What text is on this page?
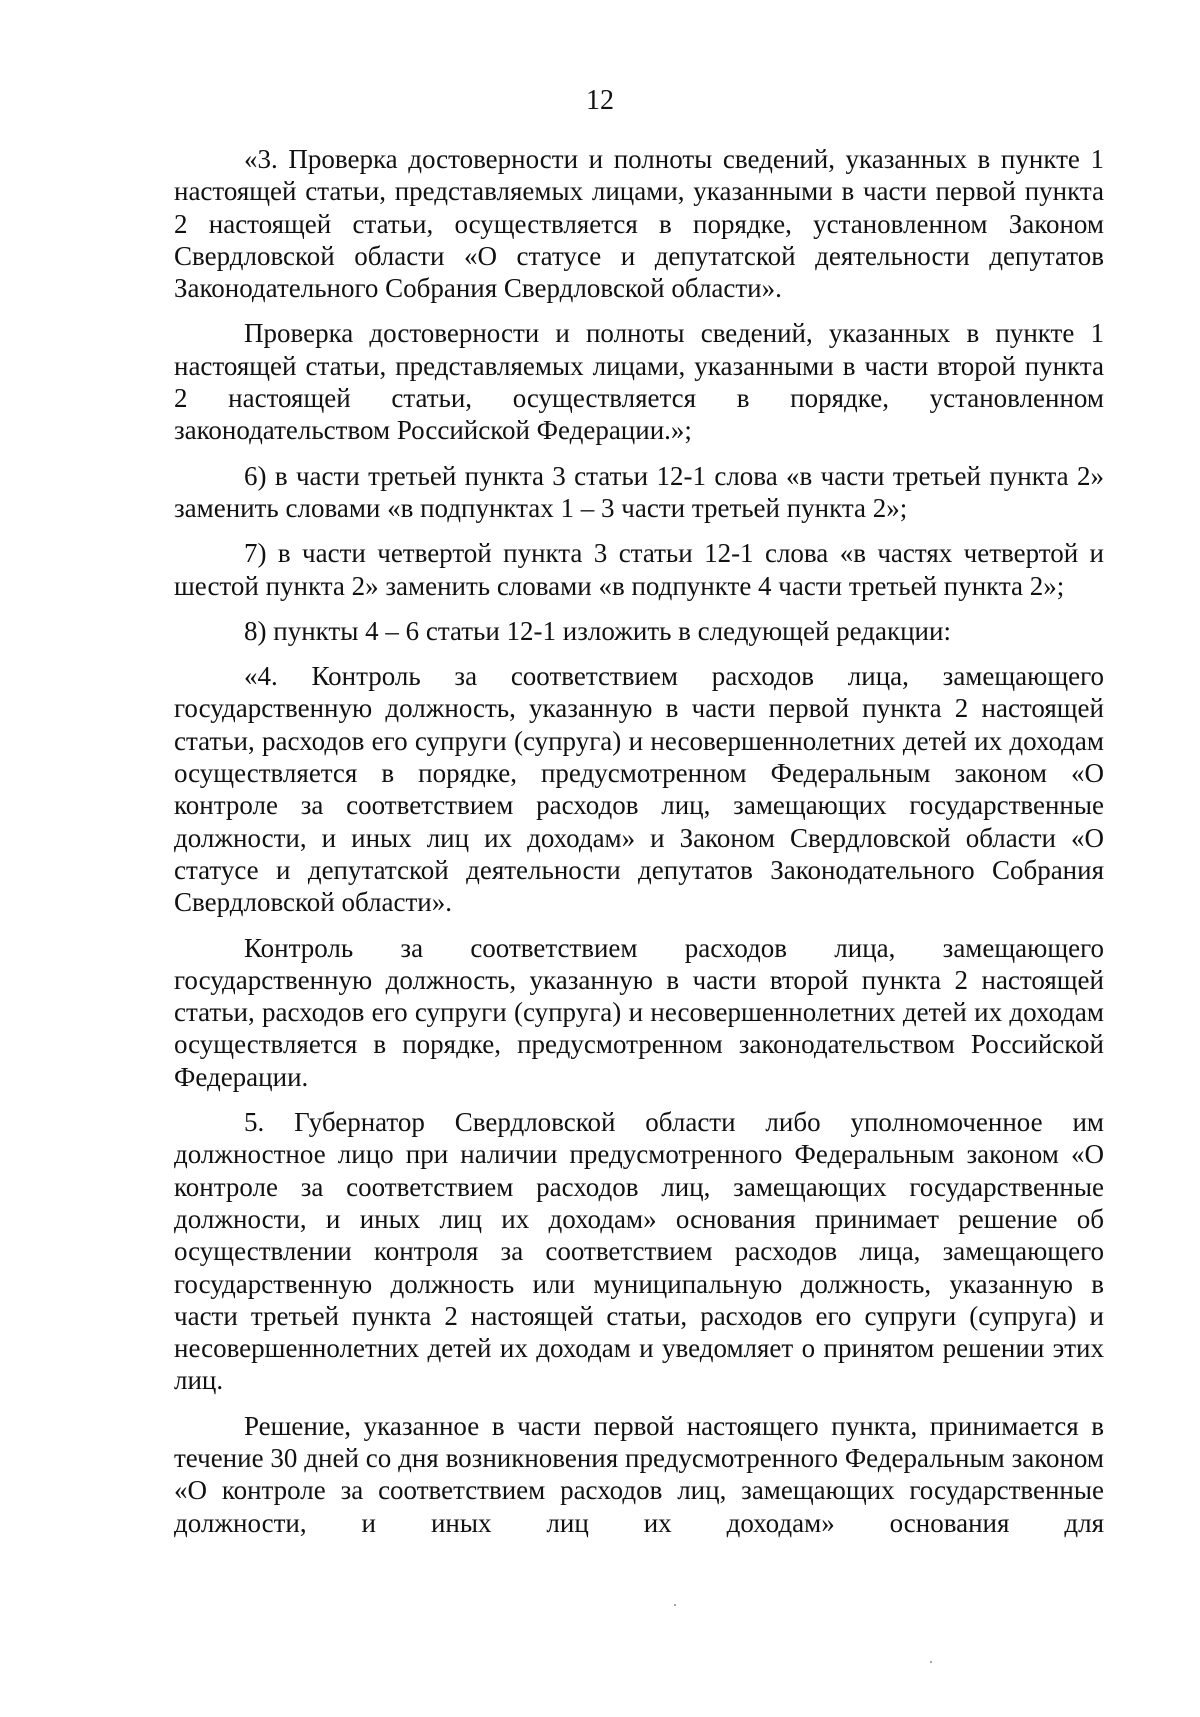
12

«3. Проверка достоверности и полноты сведений, указанных в пункте 1 настоящей статьи, представляемых лицами, указанными в части первой пункта 2 настоящей статьи, осуществляется в порядке, установленном Законом Свердловской области «О статусе и депутатской деятельности депутатов Законодательного Собрания Свердловской области».

Проверка достоверности и полноты сведений, указанных в пункте 1 настоящей статьи, представляемых лицами, указанными в части второй пункта 2 настоящей статьи, осуществляется в порядке, установленном законодательством Российской Федерации.»;

6) в части третьей пункта 3 статьи 12-1 слова «в части третьей пункта 2» заменить словами «в подпунктах 1 – 3 части третьей пункта 2»;

7) в части четвертой пункта 3 статьи 12-1 слова «в частях четвертой и шестой пункта 2» заменить словами «в подпункте 4 части третьей пункта 2»;

8) пункты 4 – 6 статьи 12-1 изложить в следующей редакции:

«4. Контроль за соответствием расходов лица, замещающего государственную должность, указанную в части первой пункта 2 настоящей статьи, расходов его супруги (супруга) и несовершеннолетних детей их доходам осуществляется в порядке, предусмотренном Федеральным законом «О контроле за соответствием расходов лиц, замещающих государственные должности, и иных лиц их доходам» и Законом Свердловской области «О статусе и депутатской деятельности депутатов Законодательного Собрания Свердловской области».

Контроль за соответствием расходов лица, замещающего государственную должность, указанную в части второй пункта 2 настоящей статьи, расходов его супруги (супруга) и несовершеннолетних детей их доходам осуществляется в порядке, предусмотренном законодательством Российской Федерации.

5. Губернатор Свердловской области либо уполномоченное им должностное лицо при наличии предусмотренного Федеральным законом «О контроле за соответствием расходов лиц, замещающих государственные должности, и иных лиц их доходам» основания принимает решение об осуществлении контроля за соответствием расходов лица, замещающего государственную должность или муниципальную должность, указанную в части третьей пункта 2 настоящей статьи, расходов его супруги (супруга) и несовершеннолетних детей их доходам и уведомляет о принятом решении этих лиц.

Решение, указанное в части первой настоящего пункта, принимается в течение 30 дней со дня возникновения предусмотренного Федеральным законом «О контроле за соответствием расходов лиц, замещающих государственные должности, и иных лиц их доходам» основания для
